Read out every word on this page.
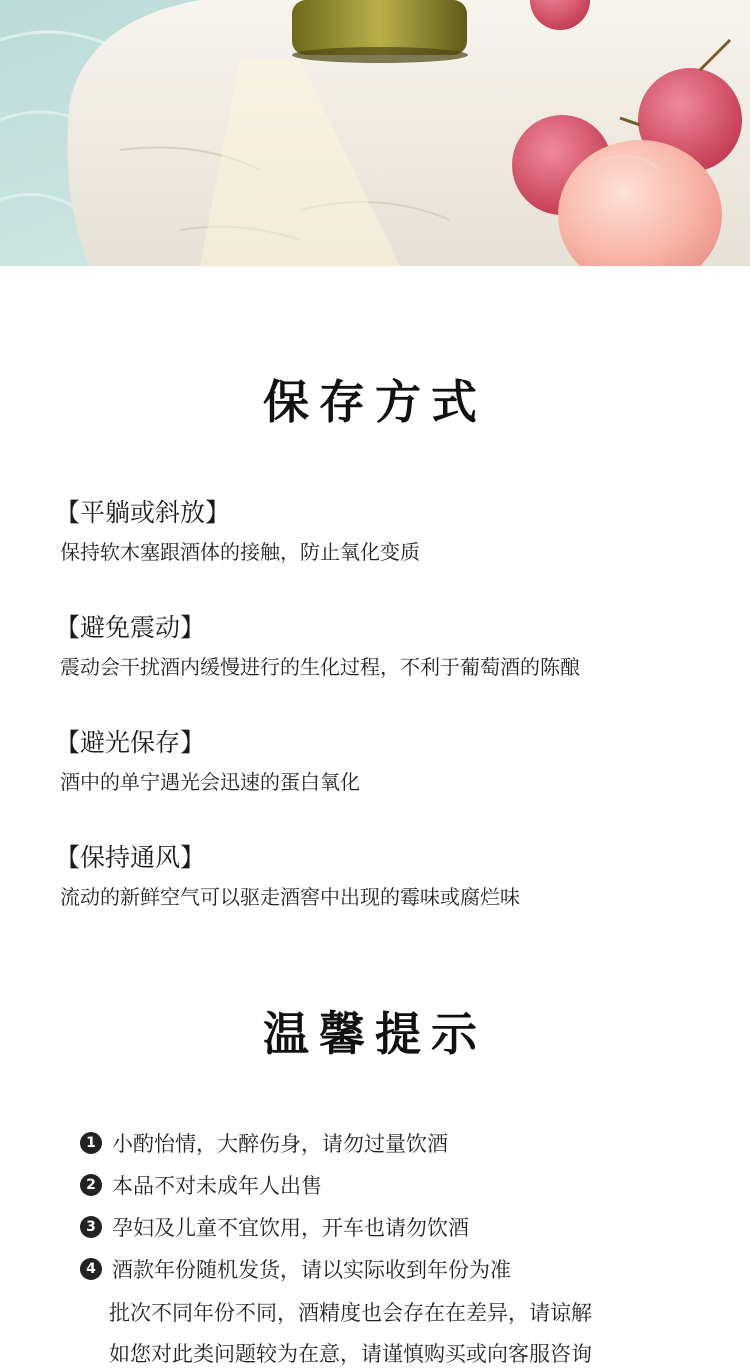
保存方式
【平躺或斜放】
保持软木塞跟酒体的接触，防止氧化变质
【避免震动】
震动会干扰酒内缓慢进行的生化过程，不利于葡萄酒的陈酿
【避光保存】
酒中的单宁遇光会迅速的蛋白氧化
【保持通风】
流动的新鲜空气可以驱走酒窖中出现的霉味或腐烂味
温馨提示
1 小酌怡情，大醉伤身，请勿过量饮酒
2 本品不对未成年人出售
3 孕妇及儿童不宜饮用，开车也请勿饮酒
4 酒款年份随机发货，请以实际收到年份为准
批次不同年份不同，酒精度也会存在在差异，请谅解
如您对此类问题较为在意，请谨慎购买或向客服咨询
